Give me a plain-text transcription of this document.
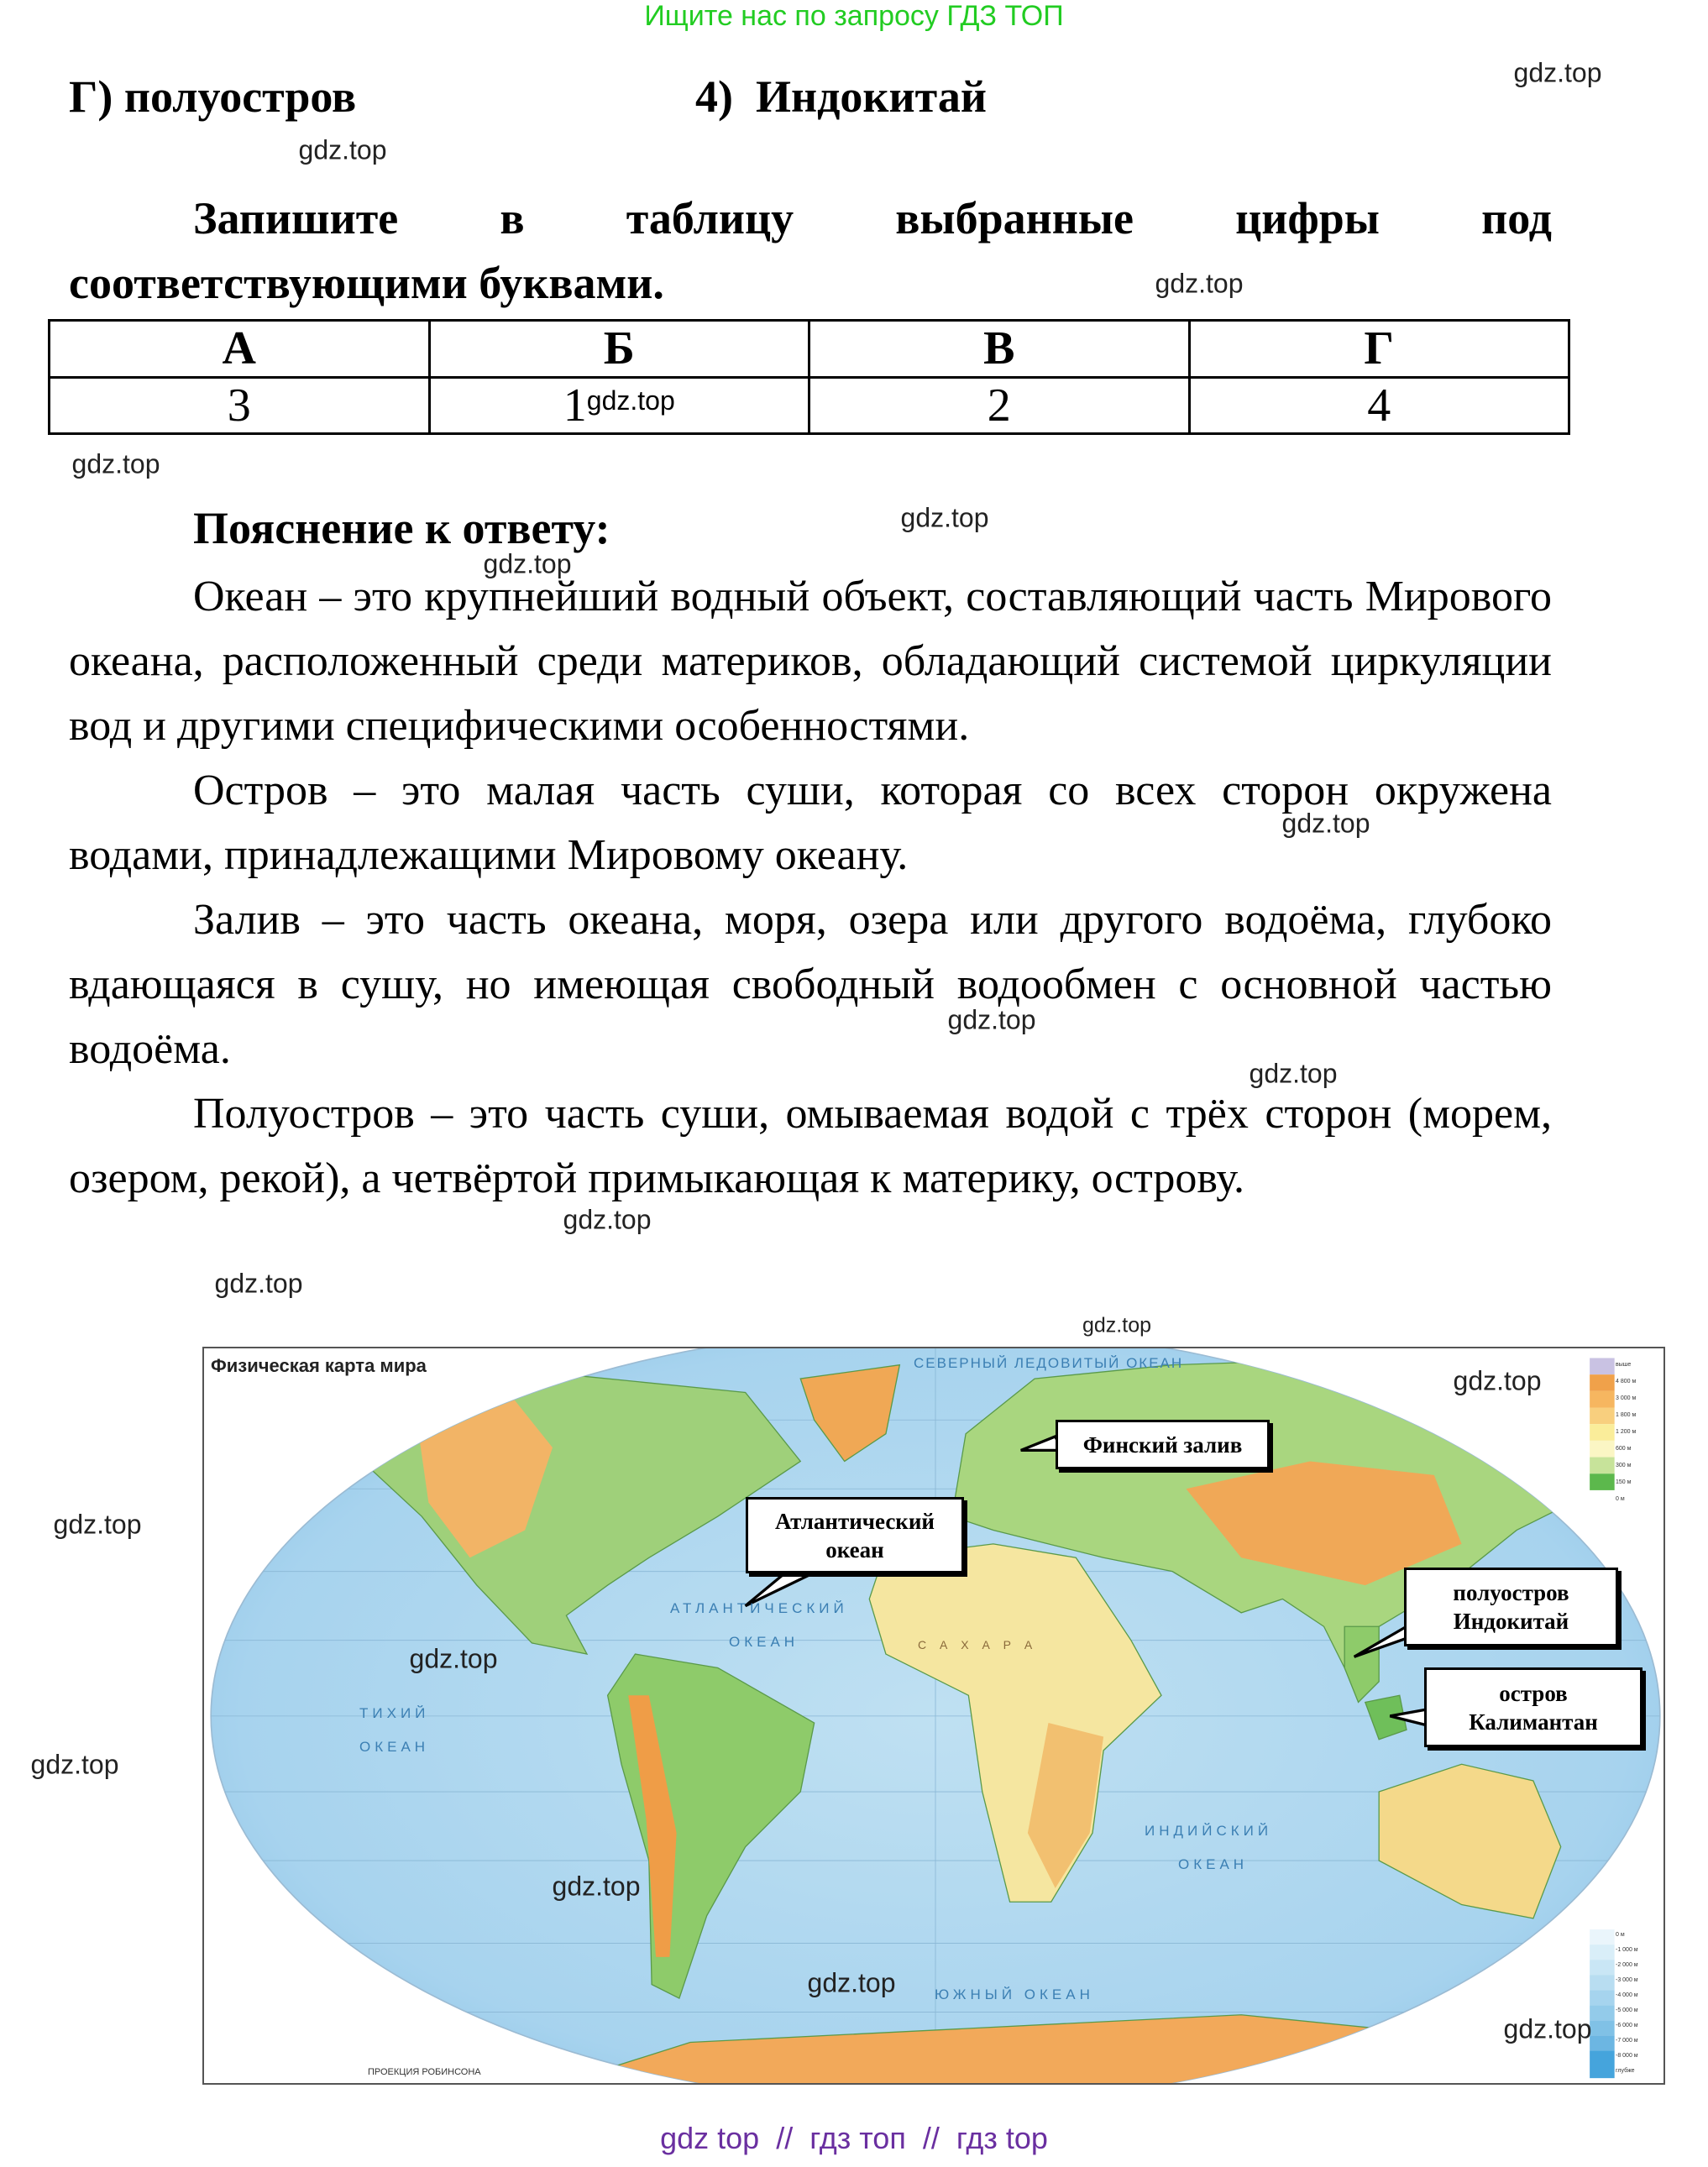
Ищите нас по запросу ГДЗ ТОП
Г) полуостров	4)  Индокитай
Запишите в таблицу выбранные цифры под
соответствующими буквами.
А	Б	В	Г
3	$1^{gdz.top}$	2	4
Пояснение к ответу:

Океан – это крупнейший водный объект, составляющий часть Мирового океана, расположенный среди материков, обладающий системой циркуляции вод и другими специфическими особенностями.

Остров – это малая часть суши, которая со всех сторон окружена водами, принадлежащими Мировому океану.

Залив – это часть океана, моря, озера или другого водоёма, глубоко вдающаяся в сушу, но имеющая свободный водообмен с основной частью водоёма.

Полуостров – это часть суши, омываемая водой с трёх сторон (морем, озером, рекой), а четвёртой примыкающая к материку, острову.

Физическая карта мира	СЕВЕРНЫЙ ЛЕДОВИТЫЙ ОКЕАН
АТЛАНТИЧЕСКИЙ
ОКЕАН
ТИХИЙ
ОКЕАН
ИНДИЙСКИЙ
ОКЕАН
ЮЖНЫЙ ОКЕАН
С А Х А Р А
ПРОЕКЦИЯ РОБИНСОНА
выше
4 800 м
3 000 м
1 800 м
1 200 м
600 м
300 м
150 м
0 м
0 м
-1 000 м
-2 000 м
-3 000 м
-4 000 м
-5 000 м
-6 000 м
-7 000 м
-8 000 м
глубже
Финский залив
Атлантический
океан
полуостров
Индокитай
остров
Калимантан
gdz.top
gdz.top
gdz.top
gdz.top
gdz.top
gdz.top
gdz.top
gdz.top
gdz.top
gdz.top
gdz.top
gdz.top
gdz.top
gdz.top
gdz.top
gdz.top
gdz.top
gdz.top
gdz.top
gdz top  //  гдз топ  //  гдз top
